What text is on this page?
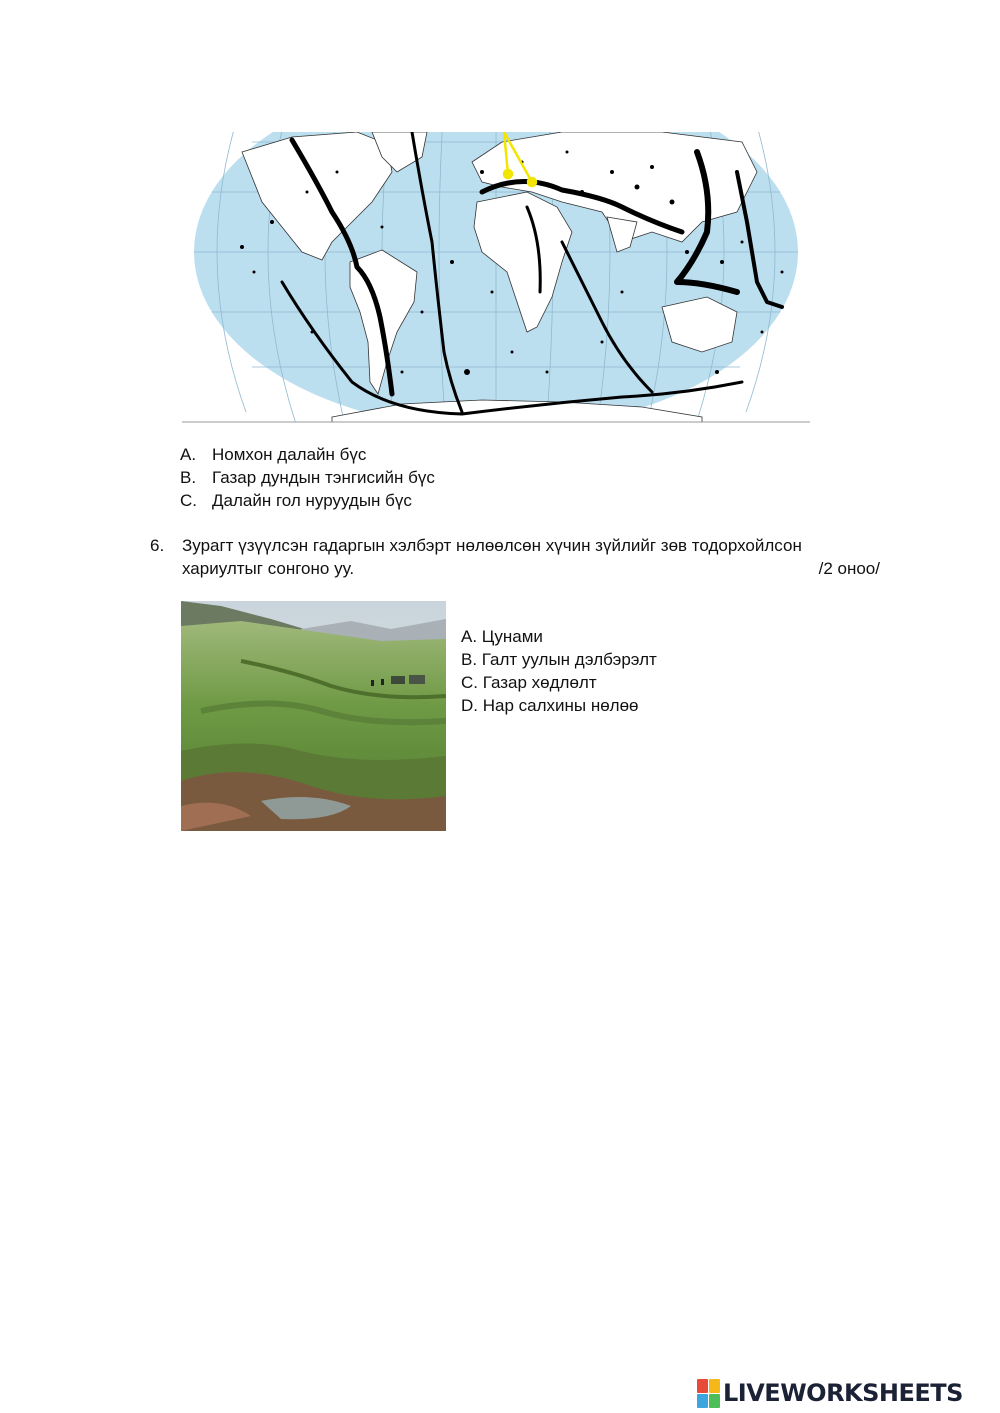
A. Номхон далайн бүс
B. Газар дундын тэнгисийн бүс
C. Далайн гол нуруудын бүс
6. Зурагт үзүүлсэн гадаргын хэлбэрт нөлөөлсөн хүчин зүйлийг зөв тодорхойлсон
хариултыг сонгоно уу.	/2 оноо/
A. Цунами
B. Галт уулын дэлбэрэлт
C. Газар хөдлөлт
D. Нар салхины нөлөө
LIVEWORKSHEETS
